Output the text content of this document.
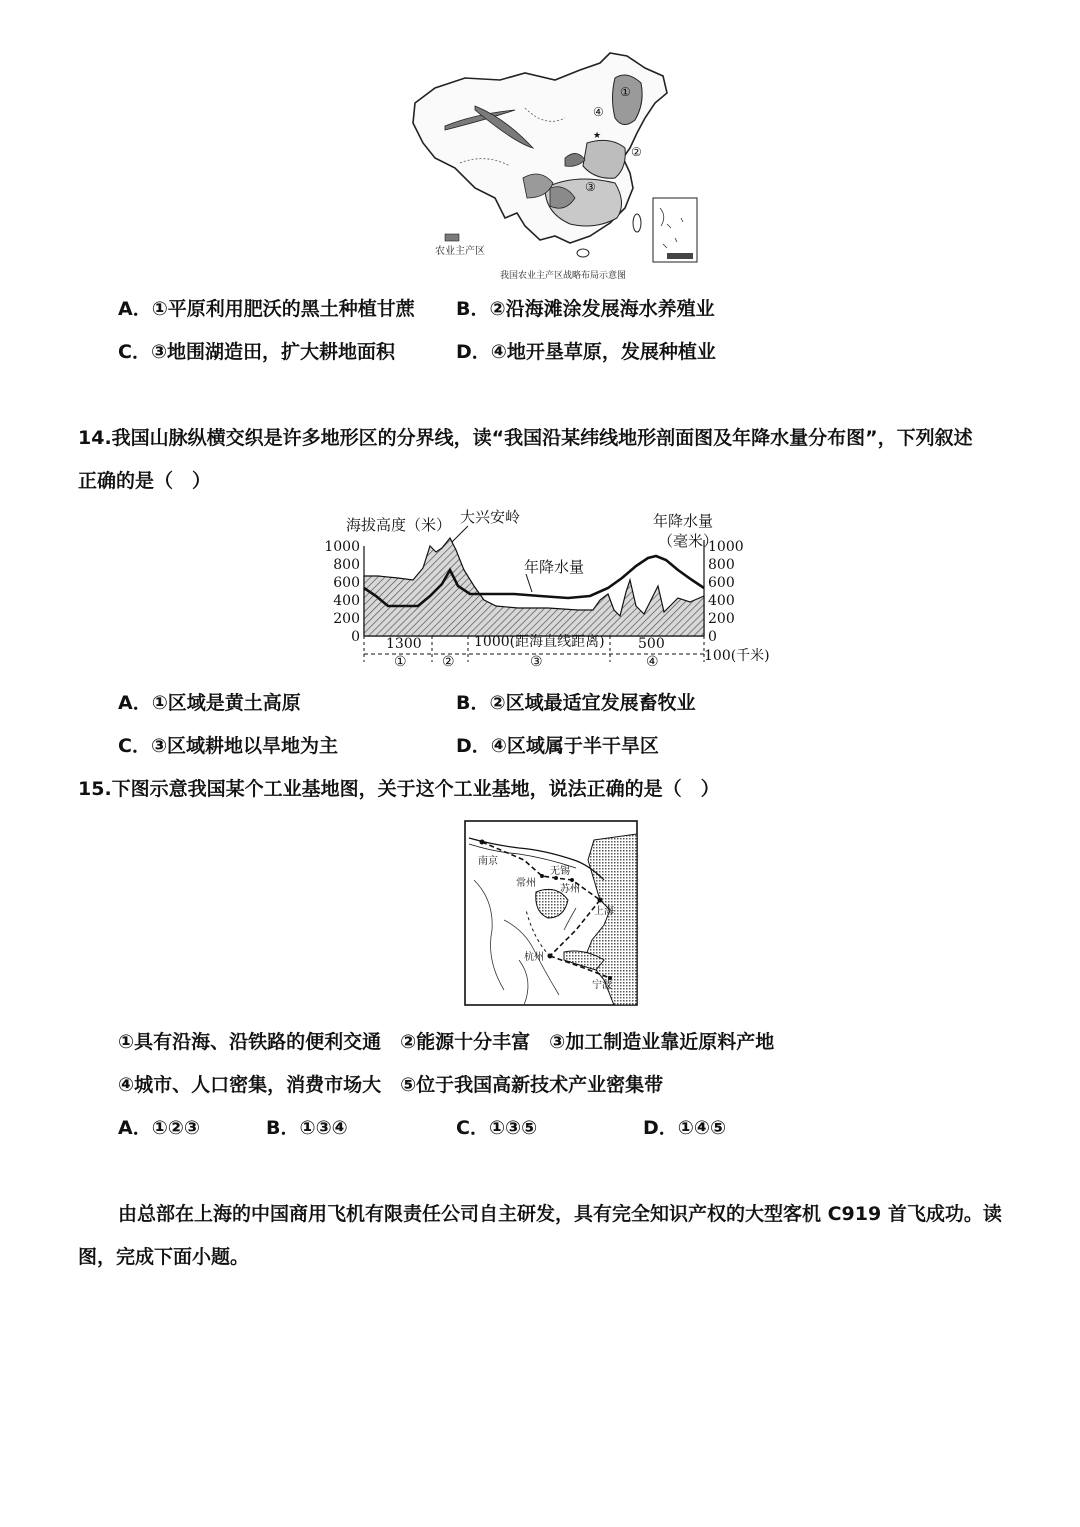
★
①
②
③
④
农业主产区
我国农业主产区战略布局示意图
A．①平原利用肥沃的黑土种植甘蔗 B．②沿海滩涂发展海水养殖业
C．③地围湖造田，扩大耕地面积	D．④地开垦草原，发展种植业
14.我国山脉纵横交织是许多地形区的分界线，读“我国沿某纬线地形剖面图及年降水量分布图”，下列叙述
正确的是（　）
海拔高度（米）	年降水量
（毫米）
大兴安岭
1000
800
600
400
200
0
1000
800
600
400
200
0
年降水量
1300	1000(距海直线距离) 500
100(千米)
①	②	③	④
A．①区域是黄土高原	B．②区域最适宜发展畜牧业
C．③区域耕地以旱地为主	D．④区域属于半干旱区
15.下图示意我国某个工业基地图，关于这个工业基地，说法正确的是（　）
南京
常州
无锡
苏州
上海
杭州
宁波
①具有沿海、沿铁路的便利交通　②能源十分丰富　③加工制造业靠近原料产地
④城市、人口密集，消费市场大　⑤位于我国高新技术产业密集带
A．①②③	B．①③④	C．①③⑤	D．①④⑤
由总部在上海的中国商用飞机有限责任公司自主研发，具有完全知识产权的大型客机 C919 首飞成功。读
图，完成下面小题。
